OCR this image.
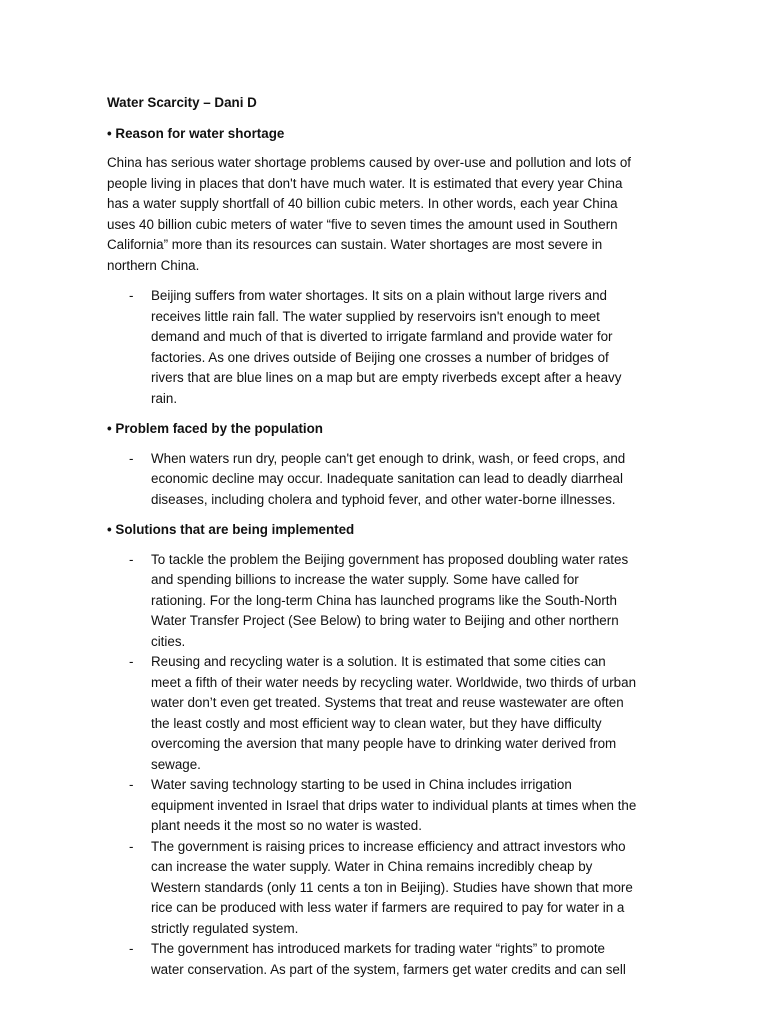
Water Scarcity – Dani D
• Reason for water shortage

China has serious water shortage problems caused by over-use and pollution and lots of people living in places that don't have much water. It is estimated that every year China has a water supply shortfall of 40 billion cubic meters. In other words, each year China uses 40 billion cubic meters of water “five to seven times the amount used in Southern California” more than its resources can sustain. Water shortages are most severe in northern China.

- Beijing suffers from water shortages. It sits on a plain without large rivers and receives little rain fall. The water supplied by reservoirs isn't enough to meet demand and much of that is diverted to irrigate farmland and provide water for factories. As one drives outside of Beijing one crosses a number of bridges of rivers that are blue lines on a map but are empty riverbeds except after a heavy rain.
• Problem faced by the population
- When waters run dry, people can't get enough to drink, wash, or feed crops, and economic decline may occur. Inadequate sanitation can lead to deadly diarrheal diseases, including cholera and typhoid fever, and other water-borne illnesses.
• Solutions that are being implemented
- To tackle the problem the Beijing government has proposed doubling water rates and spending billions to increase the water supply. Some have called for rationing. For the long-term China has launched programs like the South-North Water Transfer Project (See Below) to bring water to Beijing and other northern cities.
- Reusing and recycling water is a solution. It is estimated that some cities can meet a fifth of their water needs by recycling water. Worldwide, two thirds of urban water don’t even get treated. Systems that treat and reuse wastewater are often the least costly and most efficient way to clean water, but they have difficulty overcoming the aversion that many people have to drinking water derived from sewage.
- Water saving technology starting to be used in China includes irrigation equipment invented in Israel that drips water to individual plants at times when the plant needs it the most so no water is wasted.
- The government is raising prices to increase efficiency and attract investors who can increase the water supply. Water in China remains incredibly cheap by Western standards (only 11 cents a ton in Beijing). Studies have shown that more rice can be produced with less water if farmers are required to pay for water in a strictly regulated system.
- The government has introduced markets for trading water “rights” to promote water conservation. As part of the system, farmers get water credits and can sell
